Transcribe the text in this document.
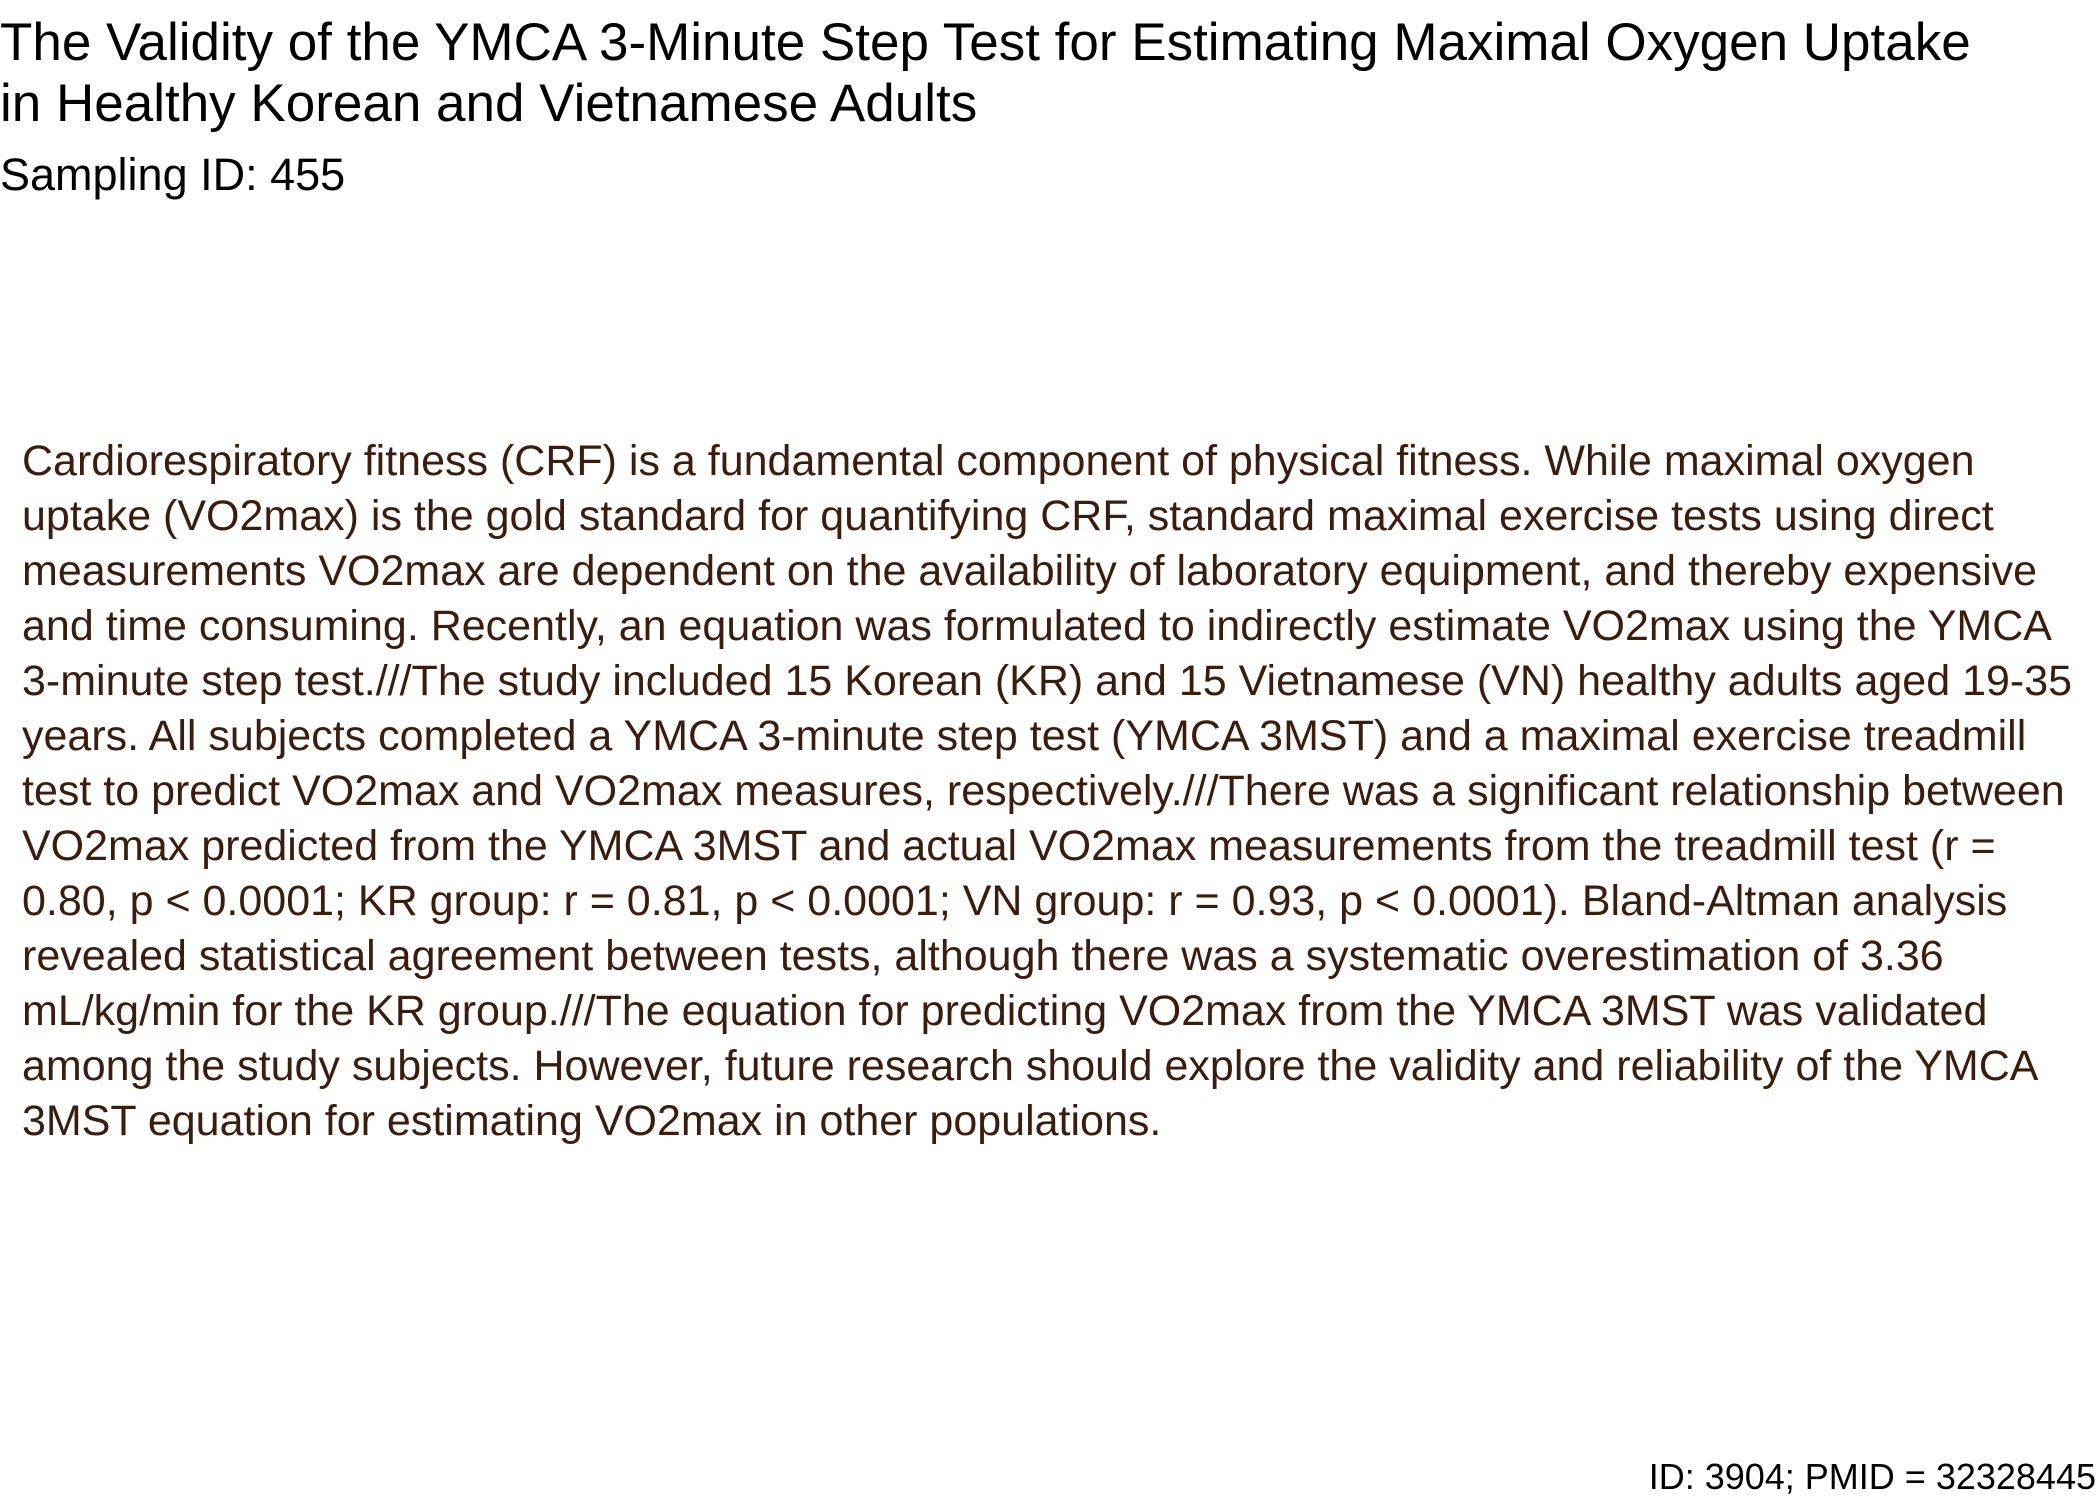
The Validity of the YMCA 3-Minute Step Test for Estimating Maximal Oxygen Uptake in Healthy Korean and Vietnamese Adults

Sampling ID: 455

Cardiorespiratory fitness (CRF) is a fundamental component of physical fitness. While maximal oxygen uptake (VO2max) is the gold standard for quantifying CRF, standard maximal exercise tests using direct measurements VO2max are dependent on the availability of laboratory equipment, and thereby expensive and time consuming. Recently, an equation was formulated to indirectly estimate VO2max using the YMCA 3-minute step test.///The study included 15 Korean (KR) and 15 Vietnamese (VN) healthy adults aged 19-35 years. All subjects completed a YMCA 3-minute step test (YMCA 3MST) and a maximal exercise treadmill test to predict VO2max and VO2max measures, respectively.///There was a significant relationship between VO2max predicted from the YMCA 3MST and actual VO2max measurements from the treadmill test (r = 0.80, p < 0.0001; KR group: r = 0.81, p < 0.0001; VN group: r = 0.93, p < 0.0001). Bland-Altman analysis revealed statistical agreement between tests, although there was a systematic overestimation of 3.36 mL/kg/min for the KR group.///The equation for predicting VO2max from the YMCA 3MST was validated among the study subjects. However, future research should explore the validity and reliability of the YMCA 3MST equation for estimating VO2max in other populations.

ID: 3904; PMID = 32328445
